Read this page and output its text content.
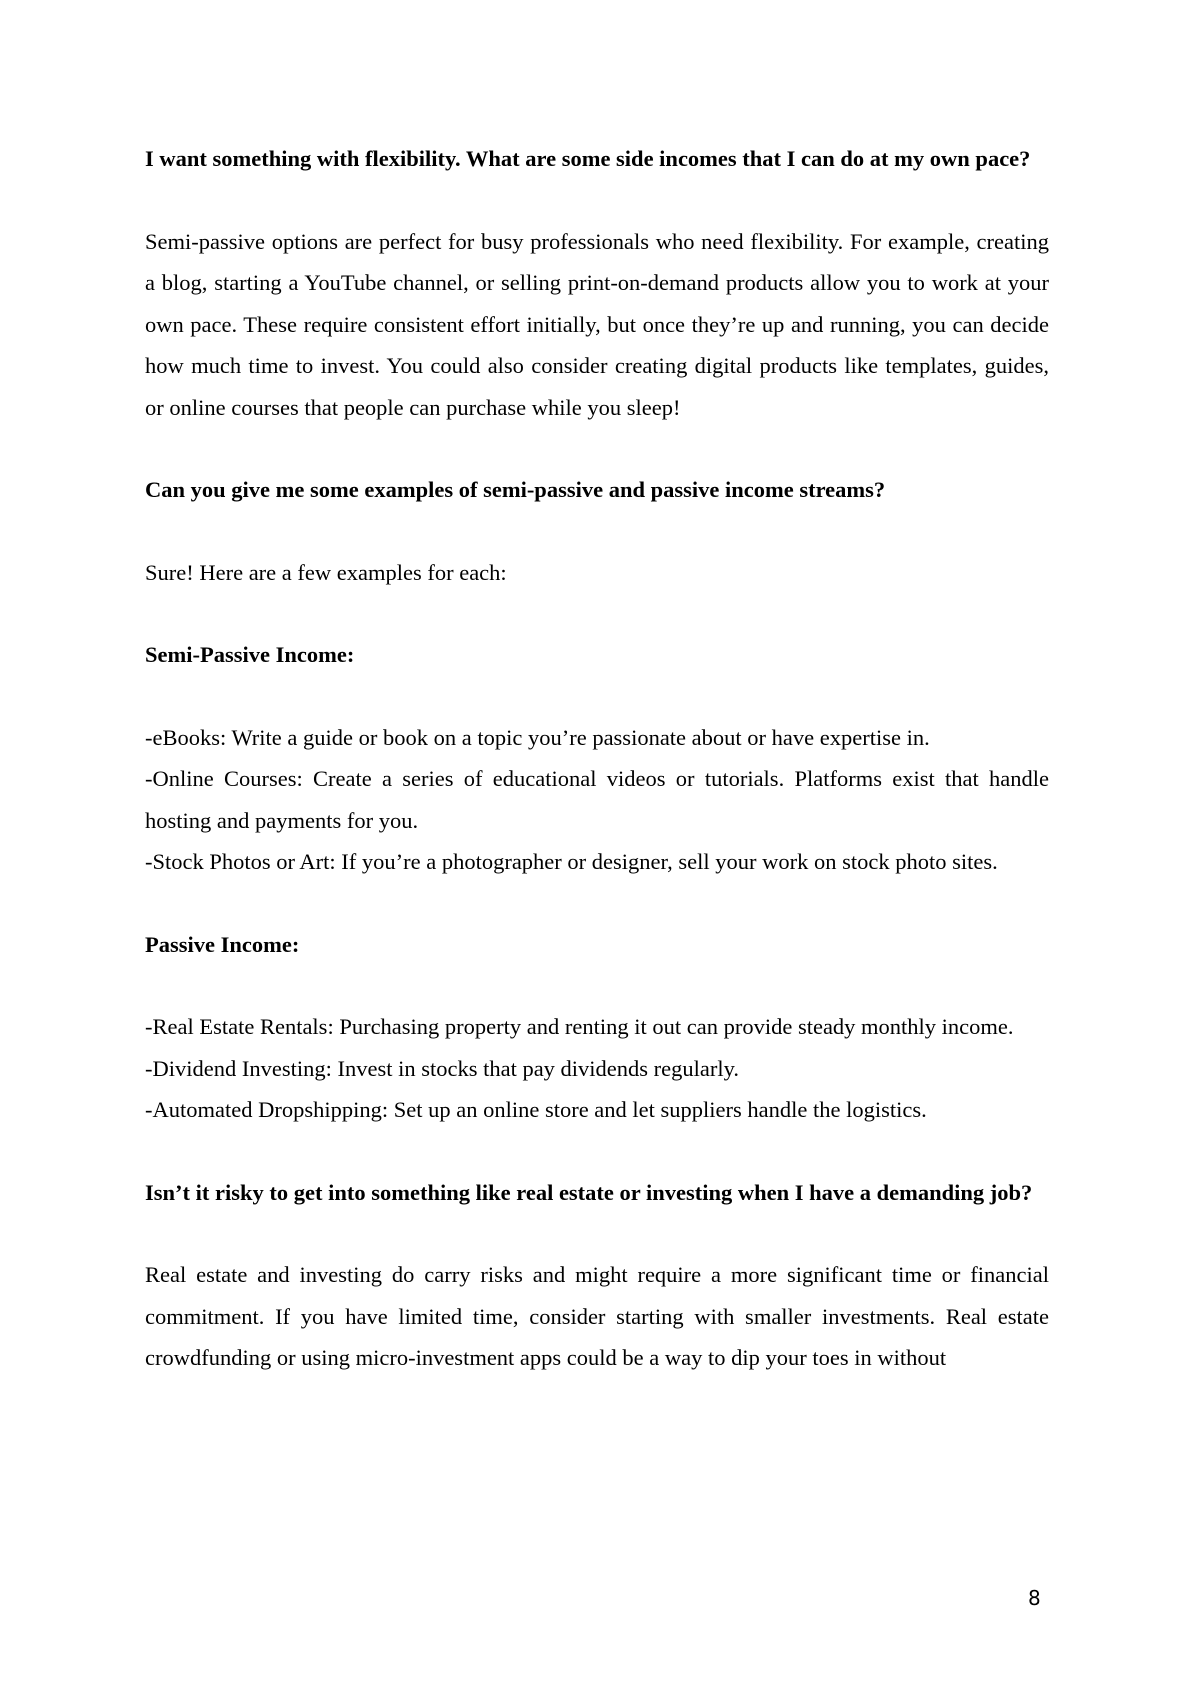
I want something with flexibility. What are some side incomes that I can do at my own pace?

Semi-passive options are perfect for busy professionals who need flexibility. For example, creating a blog, starting a YouTube channel, or selling print-on-demand products allow you to work at your own pace. These require consistent effort initially, but once they’re up and running, you can decide how much time to invest. You could also consider creating digital products like templates, guides, or online courses that people can purchase while you sleep!

Can you give me some examples of semi-passive and passive income streams?

Sure! Here are a few examples for each:

Semi-Passive Income:

-eBooks: Write a guide or book on a topic you’re passionate about or have expertise in.

-Online Courses: Create a series of educational videos or tutorials. Platforms exist that handle hosting and payments for you.

-Stock Photos or Art: If you’re a photographer or designer, sell your work on stock photo sites.

Passive Income:

-Real Estate Rentals: Purchasing property and renting it out can provide steady monthly income.

-Dividend Investing: Invest in stocks that pay dividends regularly.

-Automated Dropshipping: Set up an online store and let suppliers handle the logistics.

Isn’t it risky to get into something like real estate or investing when I have a demanding job?

Real estate and investing do carry risks and might require a more significant time or financial commitment. If you have limited time, consider starting with smaller investments. Real estate crowdfunding or using micro-investment apps could be a way to dip your toes in without

8
